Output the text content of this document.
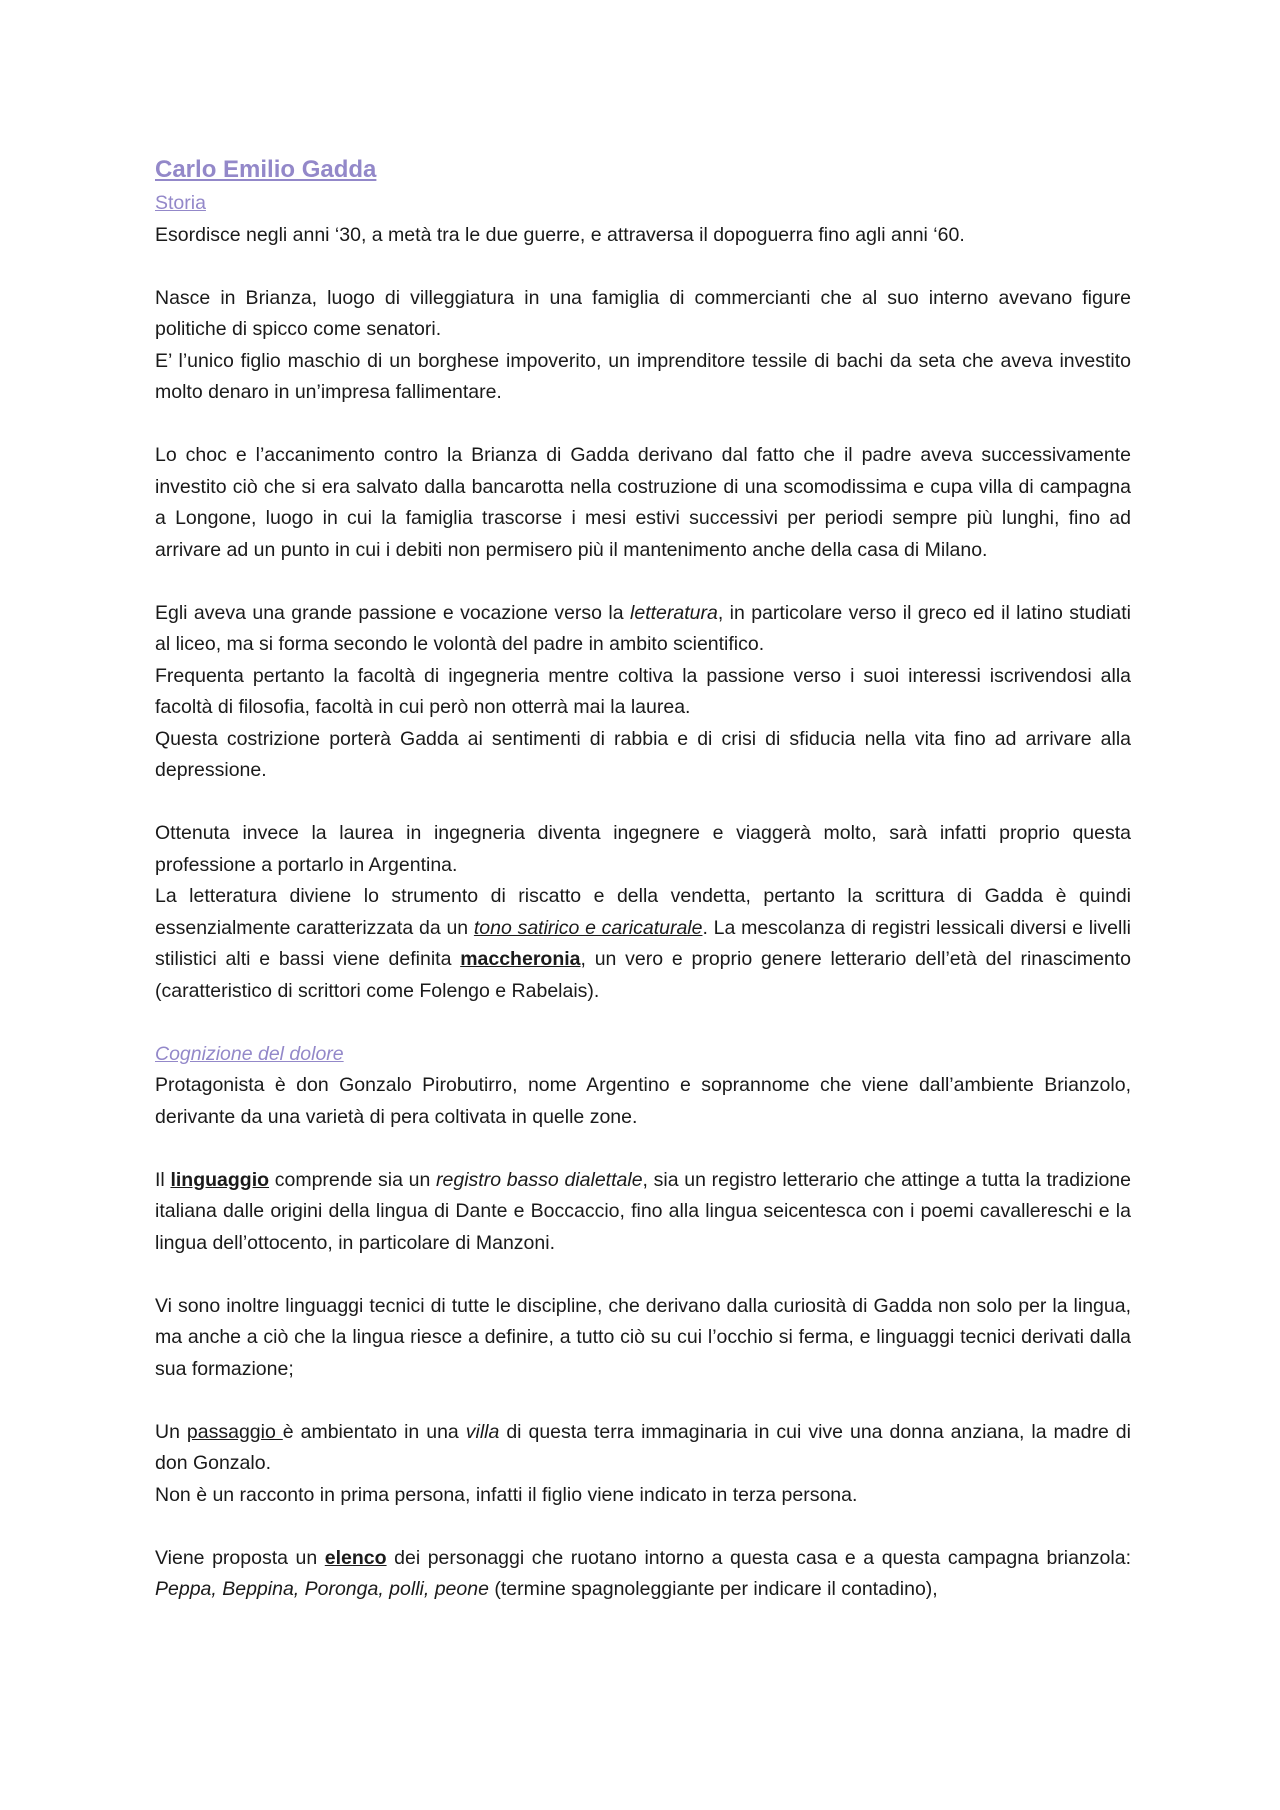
Carlo Emilio Gadda

Storia

Esordisce negli anni ‘30, a metà tra le due guerre, e attraversa il dopoguerra fino agli anni ‘60.

Nasce in Brianza, luogo di villeggiatura in una famiglia di commercianti che al suo interno avevano figure politiche di spicco come senatori.

E’ l’unico figlio maschio di un borghese impoverito, un imprenditore tessile di bachi da seta che aveva investito molto denaro in un’impresa fallimentare.

Lo choc e l’accanimento contro la Brianza di Gadda derivano dal fatto che il padre aveva successivamente investito ciò che si era salvato dalla bancarotta nella costruzione di una scomodissima e cupa villa di campagna a Longone, luogo in cui la famiglia trascorse i mesi estivi successivi per periodi sempre più lunghi, fino ad arrivare ad un punto in cui i debiti non permisero più il mantenimento anche della casa di Milano.

Egli aveva una grande passione e vocazione verso la letteratura, in particolare verso il greco ed il latino studiati al liceo, ma si forma secondo le volontà del padre in ambito scientifico.

Frequenta pertanto la facoltà di ingegneria mentre coltiva la passione verso i suoi interessi iscrivendosi alla facoltà di filosofia, facoltà in cui però non otterrà mai la laurea.

Questa costrizione porterà Gadda ai sentimenti di rabbia e di crisi di sfiducia nella vita fino ad arrivare alla depressione.

Ottenuta invece la laurea in ingegneria diventa ingegnere e viaggerà molto, sarà infatti proprio questa professione a portarlo in Argentina.

La letteratura diviene lo strumento di riscatto e della vendetta, pertanto la scrittura di Gadda è quindi essenzialmente caratterizzata da un tono satirico e caricaturale. La mescolanza di registri lessicali diversi e livelli stilistici alti e bassi viene definita maccheronia, un vero e proprio genere letterario dell’età del rinascimento (caratteristico di scrittori come Folengo e Rabelais).

Cognizione del dolore

Protagonista è don Gonzalo Pirobutirro, nome Argentino e soprannome che viene dall’ambiente Brianzolo, derivante da una varietà di pera coltivata in quelle zone.

Il linguaggio comprende sia un registro basso dialettale, sia un registro letterario che attinge a tutta la tradizione italiana dalle origini della lingua di Dante e Boccaccio, fino alla lingua seicentesca con i poemi cavallereschi e la lingua dell’ottocento, in particolare di Manzoni.

Vi sono inoltre linguaggi tecnici di tutte le discipline, che derivano dalla curiosità di Gadda non solo per la lingua, ma anche a ciò che la lingua riesce a definire, a tutto ciò su cui l’occhio si ferma, e linguaggi tecnici derivati dalla sua formazione;

Un passaggio è ambientato in una villa di questa terra immaginaria in cui vive una donna anziana, la madre di don Gonzalo.

Non è un racconto in prima persona, infatti il figlio viene indicato in terza persona.

Viene proposta un elenco dei personaggi che ruotano intorno a questa casa e a questa campagna brianzola: Peppa, Beppina, Poronga, polli, peone (termine spagnoleggiante per indicare il contadino),
